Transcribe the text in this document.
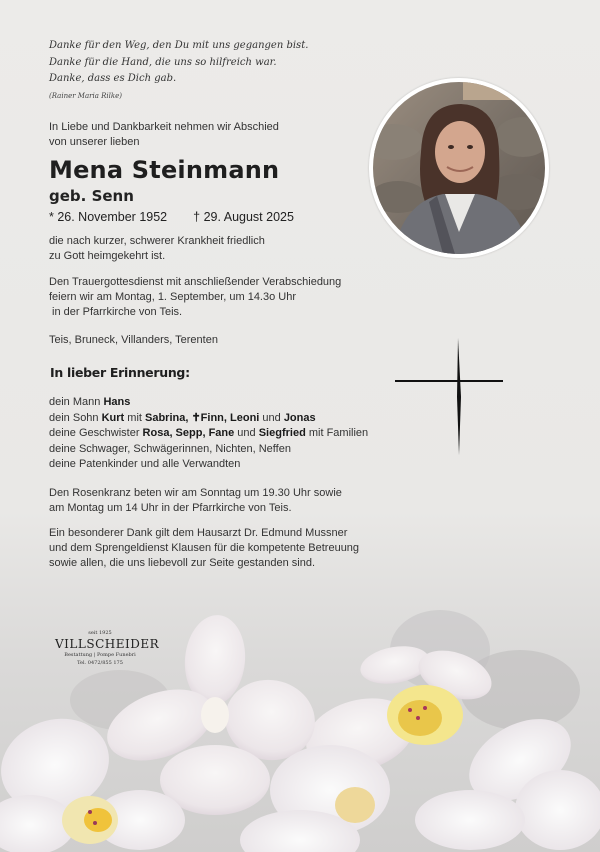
Danke für den Weg, den Du mit uns gegangen bist.
Danke für die Hand, die uns so hilfreich war.
Danke, dass es Dich gab.
(Rainer Maria Rilke)
In Liebe und Dankbarkeit nehmen wir Abschied
von unserer lieben
Mena Steinmann
geb. Senn
* 26. November 1952 † 29. August 2025
die nach kurzer, schwerer Krankheit friedlich
zu Gott heimgekehrt ist.
Den Trauergottesdienst mit anschließender Verabschiedung
feiern wir am Montag, 1. September, um 14.3o Uhr
in der Pfarrkirche von Teis.
Teis, Bruneck, Villanders, Terenten
In lieber Erinnerung:
dein Mann Hans
dein Sohn Kurt mit Sabrina, ✝Finn, Leoni und Jonas
deine Geschwister Rosa, Sepp, Fane und Siegfried mit Familien
deine Schwager, Schwägerinnen, Nichten, Neffen
deine Patenkinder und alle Verwandten
Den Rosenkranz beten wir am Sonntag um 19.30 Uhr sowie
am Montag um 14 Uhr in der Pfarrkirche von Teis.
Ein besonderer Dank gilt dem Hausarzt Dr. Edmund Mussner
und dem Sprengeldienst Klausen für die kompetente Betreuung
sowie allen, die uns liebevoll zur Seite gestanden sind.
seit 1925
VILLSCHEIDER
Bestattung | Pompe Funebri
Tel. 0472/855 175
